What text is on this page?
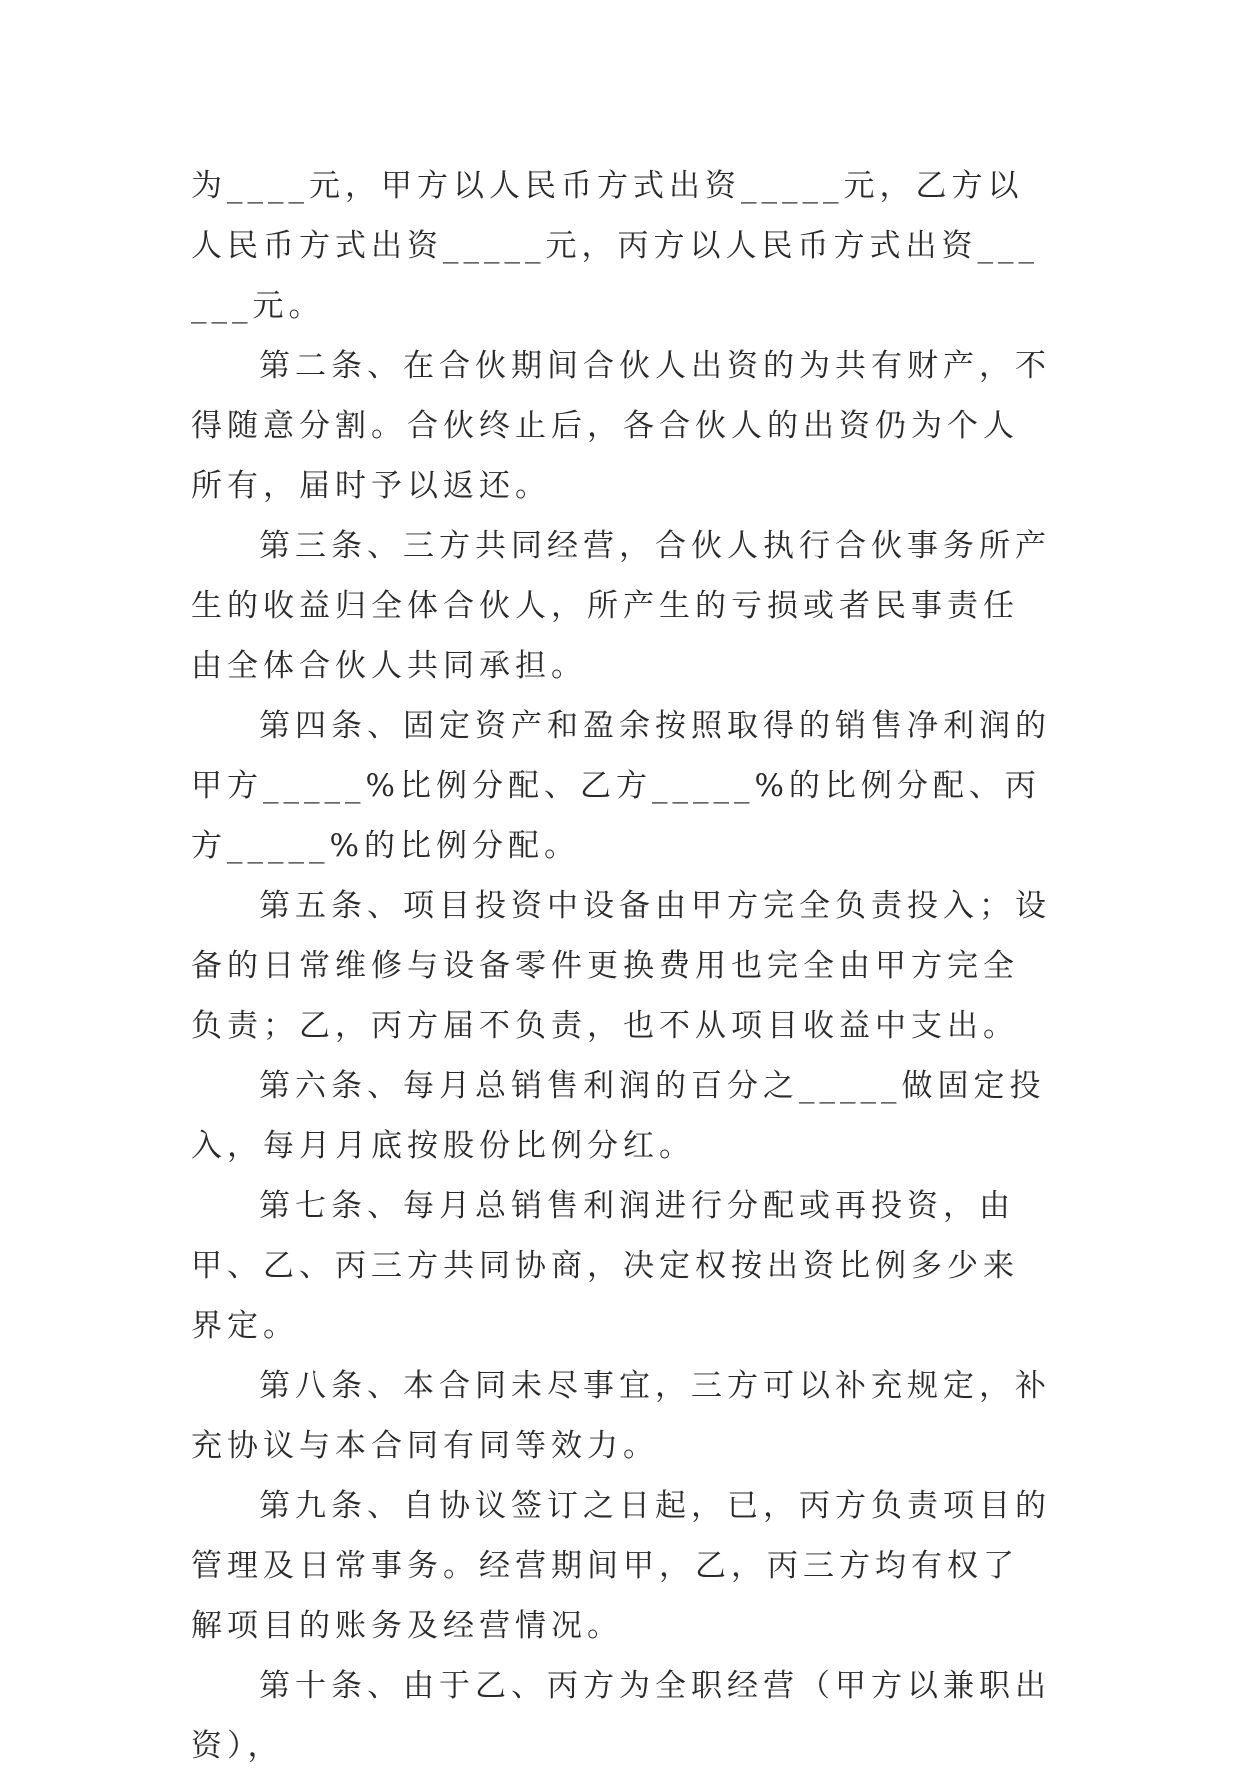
为____元，甲方以人民币方式出资_____元，乙方以人民币方式出资_____元，丙方以人民币方式出资______元。

第二条、在合伙期间合伙人出资的为共有财产，不得随意分割。合伙终止后，各合伙人的出资仍为个人所有，届时予以返还。

第三条、三方共同经营，合伙人执行合伙事务所产生的收益归全体合伙人，所产生的亏损或者民事责任由全体合伙人共同承担。

第四条、固定资产和盈余按照取得的销售净利润的甲方_____%比例分配、乙方_____%的比例分配、丙方_____%的比例分配。

第五条、项目投资中设备由甲方完全负责投入；设备的日常维修与设备零件更换费用也完全由甲方完全负责；乙，丙方届不负责，也不从项目收益中支出。

第六条、每月总销售利润的百分之_____做固定投入，每月月底按股份比例分红。

第七条、每月总销售利润进行分配或再投资，由甲、乙、丙三方共同协商，决定权按出资比例多少来界定。

第八条、本合同未尽事宜，三方可以补充规定，补充协议与本合同有同等效力。

第九条、自协议签订之日起，已，丙方负责项目的管理及日常事务。经营期间甲，乙，丙三方均有权了解项目的账务及经营情况。

第十条、由于乙、丙方为全职经营（甲方以兼职出资），
